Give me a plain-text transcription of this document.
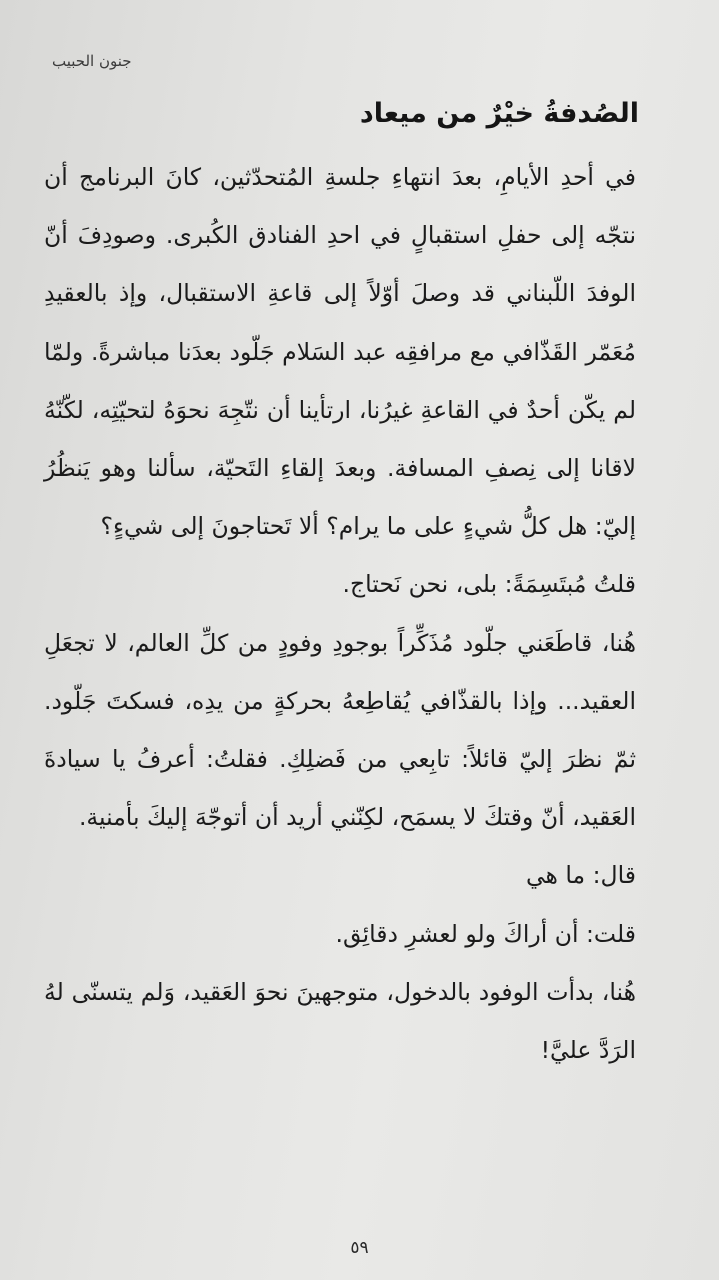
جنون الحبيب
الصُدفةُ خيْرٌ من ميعاد

في أحدِ الأيامِ، بعدَ انتهاءِ جلسةِ المُتحدّثين، كانَ البرنامج أن نتجّه إلى حفلِ استقبالٍ في احدِ الفنادق الكُبرى. وصودِفَ أنّ الوفدَ اللّبناني قد وصلَ أوّلاً إلى قاعةِ الاستقبال، وإذ بالعقيدِ مُعَمّر القَذّافي مع مرافقِه عبد السَلام جَلّود بعدَنا مباشرةً. ولمّا لم يكّن أحدٌ في القاعةِ غيرُنا، ارتأينا أن نتّجِهَ نحوَهُ لتحيّتِه، لكّنّهُ لاقانا إلى نِصفِ المسافة. وبعدَ إلقاءِ التَحيّة، سألنا وهو يَنظُرُ إليّ: هل كلُّ شيءٍ على ما يرام؟ ألا تَحتاجونَ إلى شيءٍ؟

قلتُ مُبتَسِمَةً: بلى، نحن نَحتاج.

هُنا، قاطَعَني جلّود مُذَكِّراً بوجودِ وفودٍ من كلِّ العالم، لا تجعَلِ العقيد... وإذا بالقذّافي يُقاطِعهُ بحركةٍ من يدِه، فسكتَ جَلّود. ثمّ نظرَ إليّ قائلاً: تابِعي من فَضلِكِ. فقلتُ: أعرفُ يا سيادةَ العَقيد، أنّ وقتكَ لا يسمَح، لكِنّني أريد أن أتوجّهَ إليكَ بأمنية.

قال: ما هي

قلت: أن أراكَ ولو لعشرِ دقائِق.

هُنا، بدأت الوفود بالدخول، متوجهينَ نحوَ العَقيد، وَلم يتسنّى لهُ الرَدَّ عليَّ!

٥٩
